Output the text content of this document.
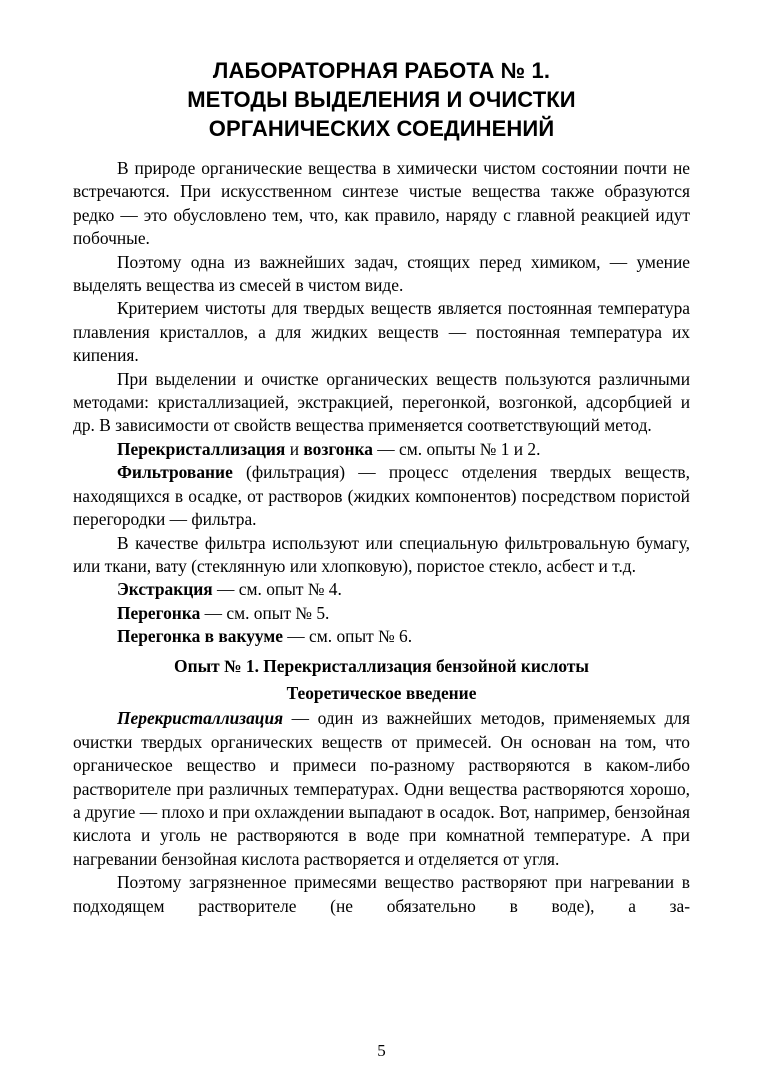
ЛАБОРАТОРНАЯ РАБОТА № 1.
МЕТОДЫ ВЫДЕЛЕНИЯ И ОЧИСТКИ
ОРГАНИЧЕСКИХ СОЕДИНЕНИЙ

В природе органические вещества в химически чистом состоянии почти не встречаются. При искусственном синтезе чистые вещества также образуются редко — это обусловлено тем, что, как правило, наряду с главной реакцией идут побочные.

Поэтому одна из важнейших задач, стоящих перед химиком, — умение выделять вещества из смесей в чистом виде.

Критерием чистоты для твердых веществ является постоянная температура плавления кристаллов, а для жидких веществ — постоянная температура их кипения.

При выделении и очистке органических веществ пользуются различными методами: кристаллизацией, экстракцией, перегонкой, возгонкой, адсорбцией и др. В зависимости от свойств вещества применяется соответствующий метод.

Перекристаллизация и возгонка — см. опыты № 1 и 2.

Фильтрование (фильтрация) — процесс отделения твердых веществ, находящихся в осадке, от растворов (жидких компонентов) посредством пористой перегородки — фильтра.

В качестве фильтра используют или специальную фильтровальную бумагу, или ткани, вату (стеклянную или хлопковую), пористое стекло, асбест и т.д.

Экстракция — см. опыт № 4.

Перегонка — см. опыт № 5.

Перегонка в вакууме — см. опыт № 6.

Опыт № 1. Перекристаллизация бензойной кислоты
Теоретическое введение

Перекристаллизация — один из важнейших методов, применяемых для очистки твердых органических веществ от примесей. Он основан на том, что органическое вещество и примеси по-разному растворяются в каком-либо растворителе при различных температурах. Одни вещества растворяются хорошо, а другие — плохо и при охлаждении выпадают в осадок. Вот, например, бензойная кислота и уголь не растворяются в воде при комнатной температуре. А при нагревании бензойная кислота растворяется и отделяется от угля.

Поэтому загрязненное примесями вещество растворяют при нагревании в подходящем растворителе (не обязательно в воде), а за-

5
